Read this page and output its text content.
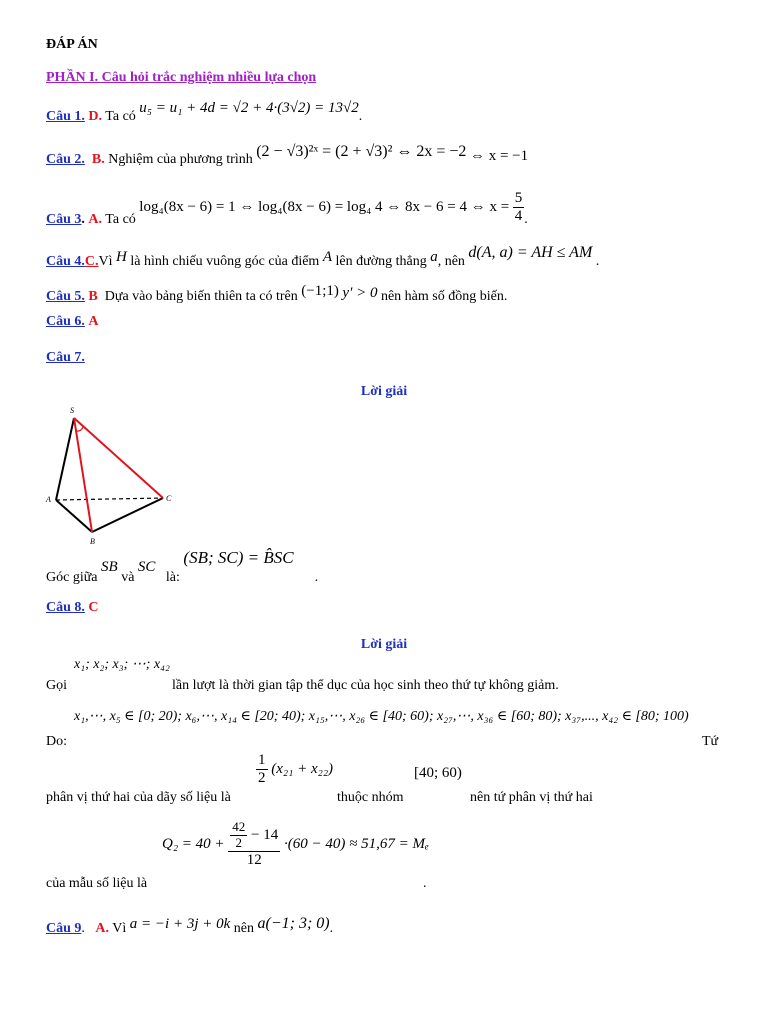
ĐÁP ÁN
PHẦN I. Câu hỏi trắc nghiệm nhiều lựa chọn
Câu 1. D. Ta có u₅ = u₁ + 4d = √2 + 4·(3√2) = 13√2.
Câu 2. B. Nghiệm của phương trình (2 − √3)²ˣ = (2 + √3)² ⇔ 2x = −2 ⇔ x = −1
Câu 3. A. Ta có log₄(8x − 6) = 1 ⇔ log₄(8x − 6) = log₄ 4 ⇔ 8x − 6 = 4 ⇔ $x = \frac{5}{4}$ .
Câu 4.C.Vì H là hình chiếu vuông góc của điểm A lên đường thẳng a, nên d(A, a) = AH ≤ AM .
Câu 5. B Dựa vào bảng biến thiên ta có trên (−1;1) y′ > 0 nên hàm số đồng biến.
Câu 6. A
Câu 7.
Lời giải
S
A
B
C
Góc giữa SB và SC   là: (SB; SC) = B̂SC      .
Câu 8. C
Lời giải
x₁; x₂; x₃; ⋯; x₄₂
Gọi	lần lượt là thời gian tập thể dục của học sinh theo thứ tự không giảm.
x₁,⋯, x₅ ∈ [0; 20); x₆,⋯, x₁₄ ∈ [20; 40); x₁₅,⋯, x₂₆ ∈ [40; 60); x₂₇,⋯, x₃₆ ∈ [60; 80); x₃₇,..., x₄₂ ∈ [80; 100)
Do:	Tứ
$\frac{1}{2} (x_{21} + x_{22})$	[40; 60)
phân vị thứ hai của dãy số liệu là	thuộc nhóm	nên tứ phân vị thứ hai
$Q_2 = 40 + \frac{\frac{42}{2} - 14}{12} \cdot(60 - 40) \approx 51,67 = M_e$
của mẫu số liệu là	.
Câu 9. A. Vì a = −i + 3j + 0k nên a(−1; 3; 0).
